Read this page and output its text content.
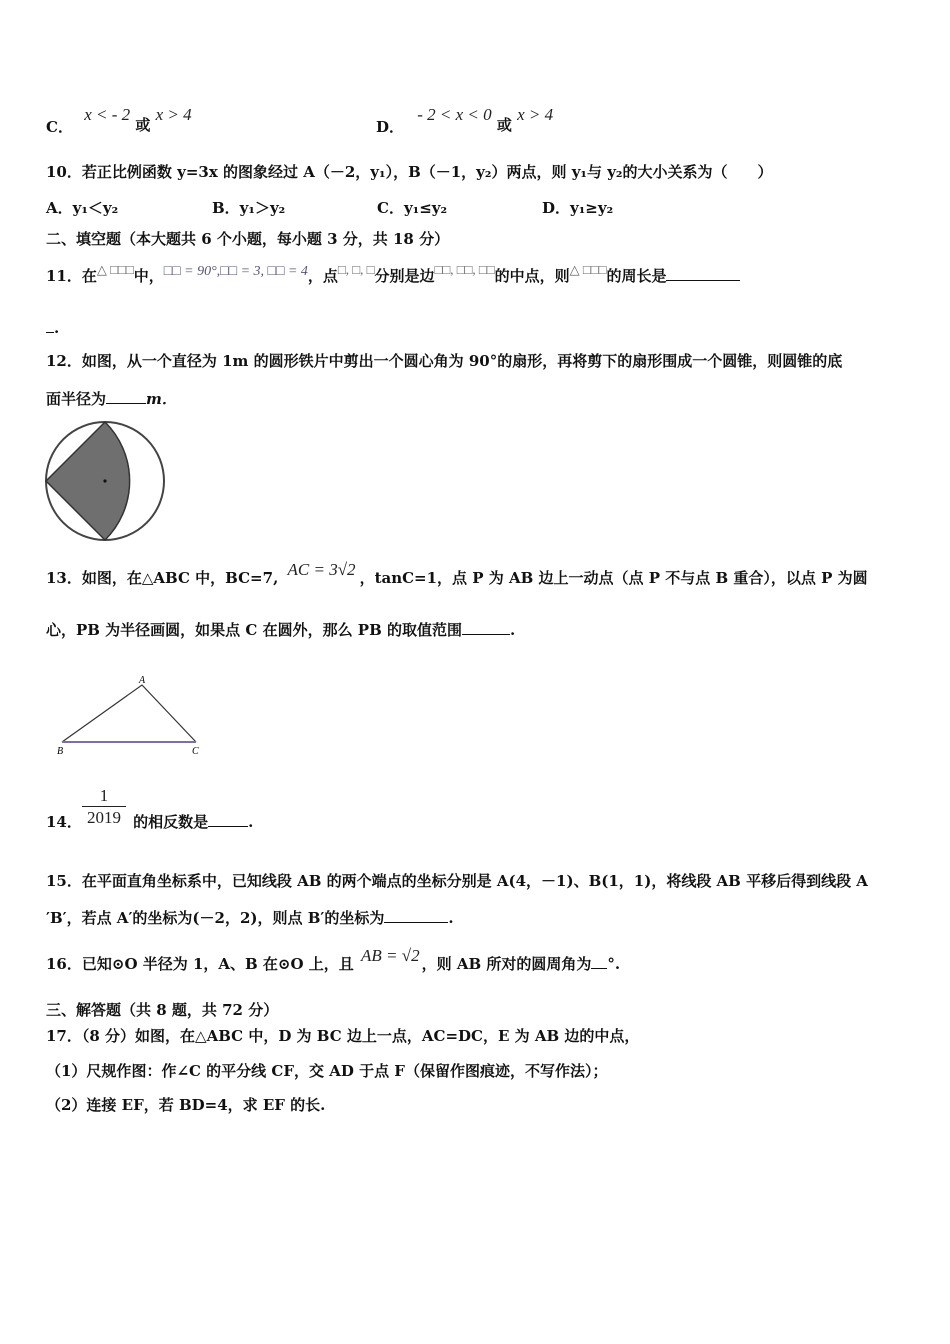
C． x < - 2 或 x > 4
D． - 2 < x < 0 或 x > 4
10．若正比例函数 y=3x 的图象经过 A（－2，y₁），B（－1，y₂）两点，则 y₁与 y₂的大小关系为（　　）
A．y₁＜y₂	B．y₁＞y₂	C．y₁≤y₂	D．y₁≥y₂
二、填空题（本大题共 6 个小题，每小题 3 分，共 18 分）
11．在△ □□□中，□□ = 90°,□□ = 3, □□ = 4，点□, □, □分别是边□□, □□, □□的中点，则△ □□□的周长是
.
12．如图，从一个直径为 1m 的圆形铁片中剪出一个圆心角为 90°的扇形，再将剪下的扇形围成一个圆锥，则圆锥的底
面半径为	m．
13．如图，在△ABC 中，BC=7, AC = 3√2 ，tanC=1，点 P 为 AB 边上一动点（点 P 不与点 B 重合），以点 P 为圆
心，PB 为半径画圆，如果点 C 在圆外，那么 PB 的取值范围	.
A
B	C
14． $\frac{1}{2019}$ 的相反数是	.
15．在平面直角坐标系中，已知线段 AB 的两个端点的坐标分别是 A(4，－1)、B(1，1)，将线段 AB 平移后得到线段 A
′B′，若点 A′的坐标为(－2，2)，则点 B′的坐标为	.
16．已知⊙O 半径为 1，A、B 在⊙O 上，且 AB = √2 ，则 AB 所对的圆周角为 °.
三、解答题（共 8 题，共 72 分）
17．（8 分）如图，在△ABC 中，D 为 BC 边上一点，AC=DC，E 为 AB 边的中点，
（1）尺规作图：作∠C 的平分线 CF，交 AD 于点 F（保留作图痕迹，不写作法）；
（2）连接 EF，若 BD=4，求 EF 的长.
